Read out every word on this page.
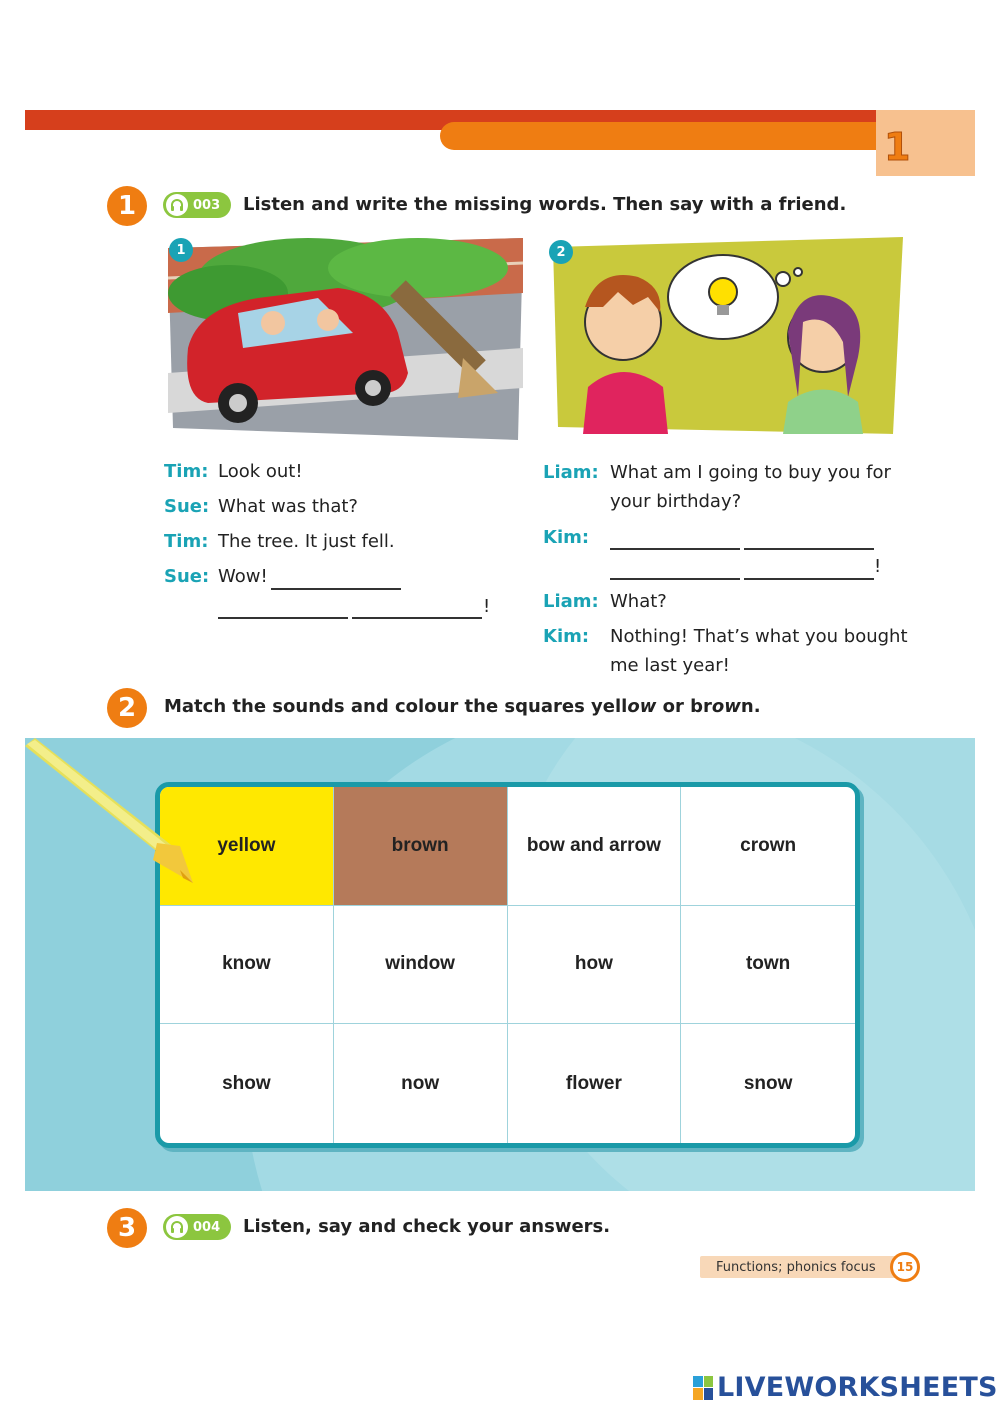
1
1	003 Listen and write the missing words. Then say with a friend.
1	2
Tim: Look out!
Sue: What was that?
Tim: The tree. It just fell.
Sue: Wow!
!
Liam: What am I going to buy you for
your birthday?
Kim:
!
Liam: What?
Kim: Nothing! That’s what you bought
me last year!
2	Match the sounds and colour the squares yellow or brown.
yellow	brown	bow and arrow	crown
know	window	how	town
show	now	flower	snow
3	004 Listen, say and check your answers.
Functions; phonics focus	15
LIVEWORKSHEETS
